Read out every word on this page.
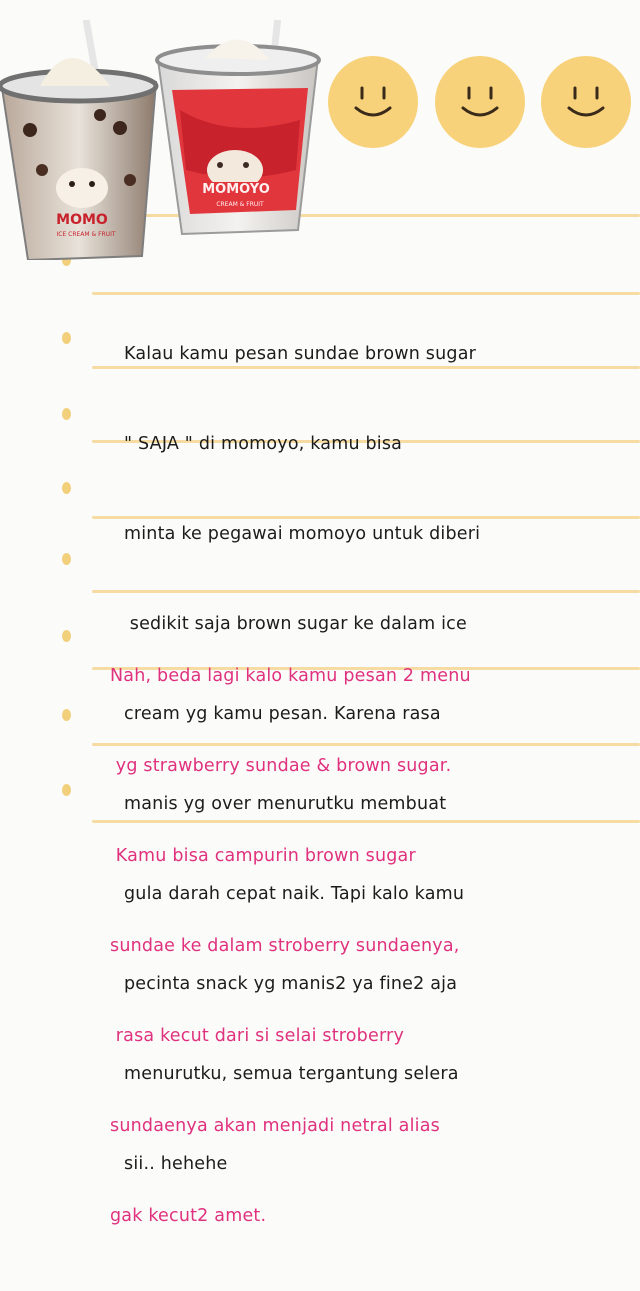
MOMOYO
CREAM & FRUIT
MOMO
ICE CREAM & FRUIT

Kalau kamu pesan sundae brown sugar

" SAJA " di momoyo, kamu bisa

minta ke pegawai momoyo untuk diberi

sedikit saja brown sugar ke dalam ice

cream yg kamu pesan. Karena rasa

manis yg over menurutku membuat

gula darah cepat naik. Tapi kalo kamu

pecinta snack yg manis2 ya fine2 aja

menurutku, semua tergantung selera

sii.. hehehe

Nah, beda lagi kalo kamu pesan 2 menu

yg strawberry sundae & brown sugar.

Kamu bisa campurin brown sugar

sundae ke dalam stroberry sundaenya,

rasa kecut dari si selai stroberry

sundaenya akan menjadi netral alias

gak kecut2 amet.
